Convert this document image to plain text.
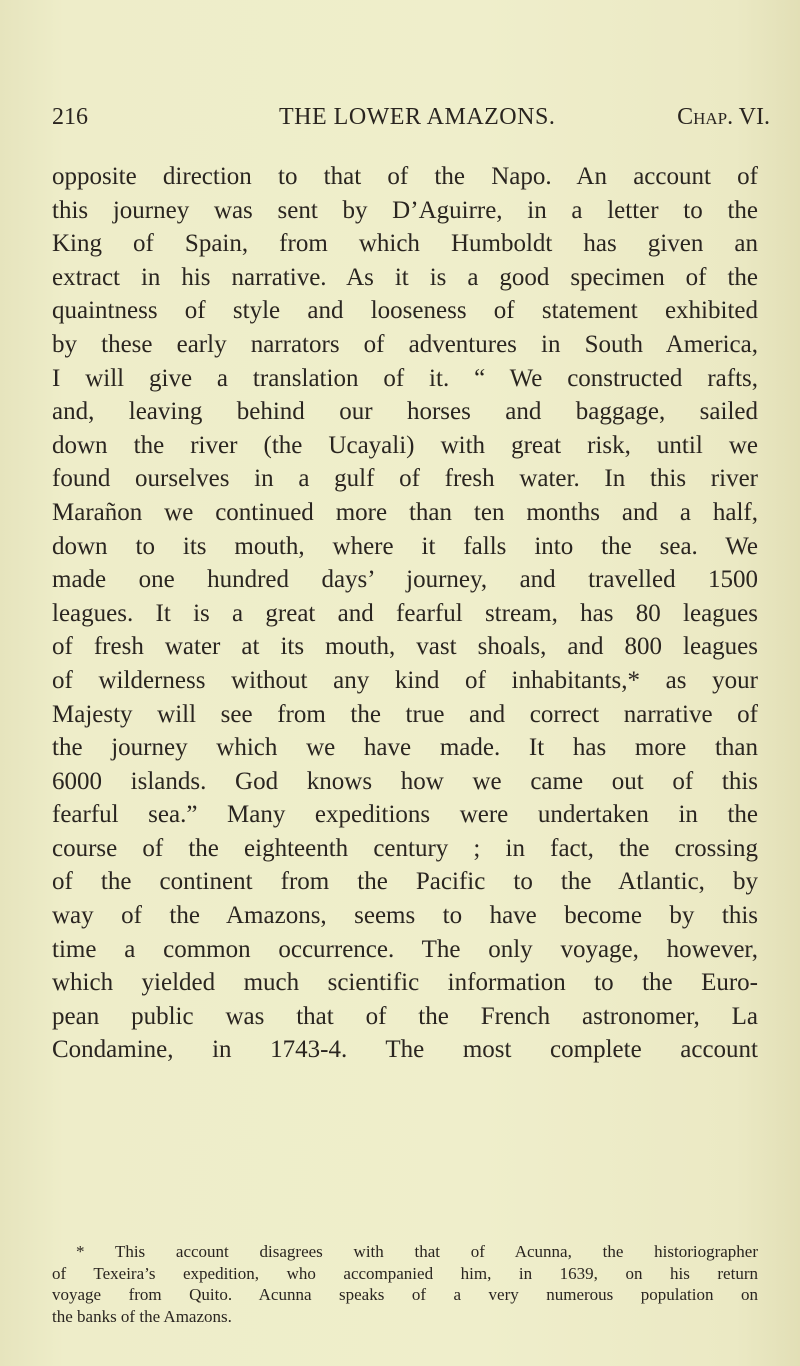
216	THE LOWER AMAZONS.	Chap. VI.
opposite direction to that of the Napo. An account of
this journey was sent by D’Aguirre, in a letter to the
King of Spain, from which Humboldt has given an
extract in his narrative. As it is a good specimen of the
quaintness of style and looseness of statement exhibited
by these early narrators of adventures in South America,
I will give a translation of it. “ We constructed rafts,
and, leaving behind our horses and baggage, sailed
down the river (the Ucayali) with great risk, until we
found ourselves in a gulf of fresh water. In this river
Marañon we continued more than ten months and a half,
down to its mouth, where it falls into the sea. We
made one hundred days’ journey, and travelled 1500
leagues. It is a great and fearful stream, has 80 leagues
of fresh water at its mouth, vast shoals, and 800 leagues
of wilderness without any kind of inhabitants,* as your
Majesty will see from the true and correct narrative of
the journey which we have made. It has more than
6000 islands. God knows how we came out of this
fearful sea.” Many expeditions were undertaken in the
course of the eighteenth century ; in fact, the crossing
of the continent from the Pacific to the Atlantic, by
way of the Amazons, seems to have become by this
time a common occurrence. The only voyage, however,
which yielded much scientific information to the Euro-
pean public was that of the French astronomer, La
Condamine, in 1743-4. The most complete account
* This account disagrees with that of Acunna, the historiographer
of Texeira’s expedition, who accompanied him, in 1639, on his return
voyage from Quito. Acunna speaks of a very numerous population on
the banks of the Amazons.
